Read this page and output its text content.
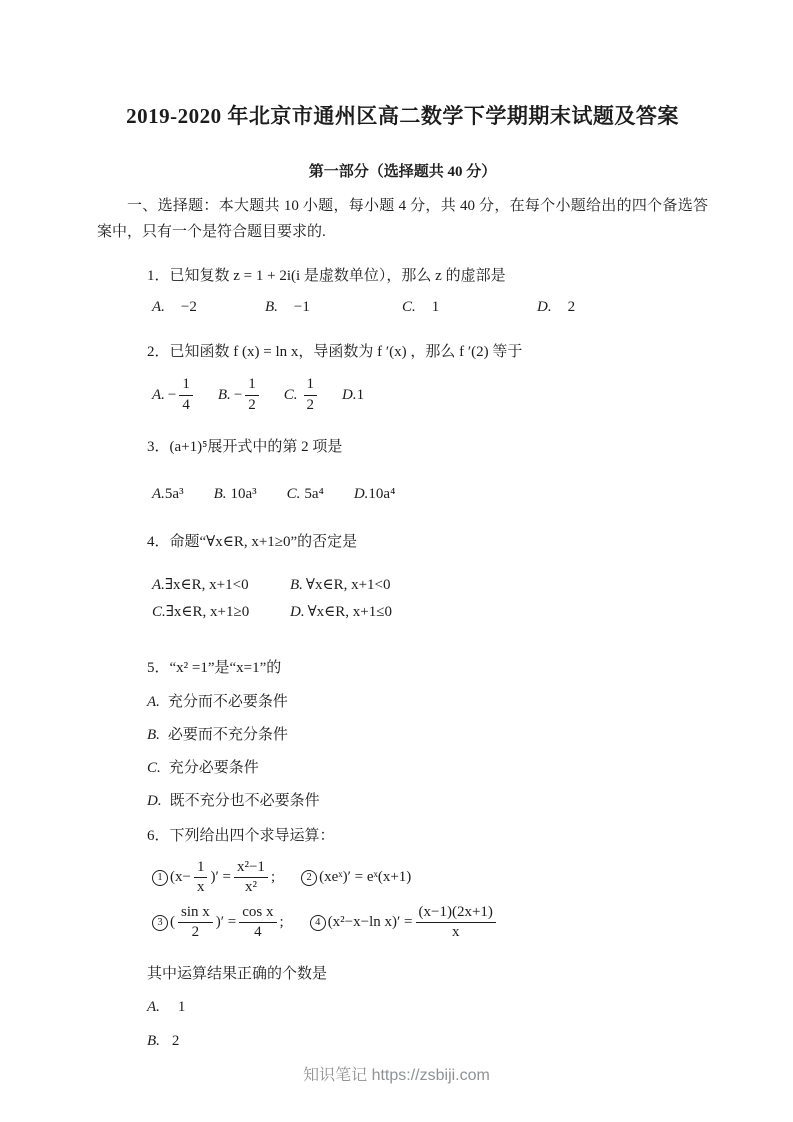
2019-2020 年北京市通州区高二数学下学期期末试题及答案
第一部分（选择题共 40 分）

一、选择题：本大题共 10 小题，每小题 4 分，共 40 分，在每个小题给出的四个备选答案中，只有一个是符合题目要求的.

1．已知复数 z = 1 + 2i(i 是虚数单位），那么 z 的虚部是

A. −2	B. −1	C. 1	D. 2

2．已知函数 f (x) = ln x，导函数为 f ′(x) ，那么 f ′(2) 等于

A. − $\frac{1}{4} B$. − $\frac{1}{2} C$. $\frac{1}{2} D$. 1

3．(a+1)⁵展开式中的第 2 项是

A.5a³ B. 10a³ C. 5a⁴ D.10a⁴

4．命题“∀x∈R, x+1≥0”的否定是

A.∃x∈R, x+1<0	B. ∀x∈R, x+1<0
C.∃x∈R, x+1≥0	D. ∀x∈R, x+1≤0

5．“x² =1”是“x=1”的

A. 充分而不必要条件

B. 必要而不充分条件

C. 充分必要条件

D. 既不充分也不必要条件

6．下列给出四个求导运算：

1 ($x- \frac{1}{x}$ )′ = $\frac{\text{x²−1}}{\text{x²}}$ ;	2 (xeˣ)′ = eˣ(x+1)
3 ( $\frac{\text{sin x}}{2}$ )′ = $\frac{\text{cos x}}{4}$ ;	4 (x²−x−ln $x)' = \frac{(x-1)(2x+1)}{x}$

其中运算结果正确的个数是

A. 1

B. 2

知识笔记 https://zsbiji.com
